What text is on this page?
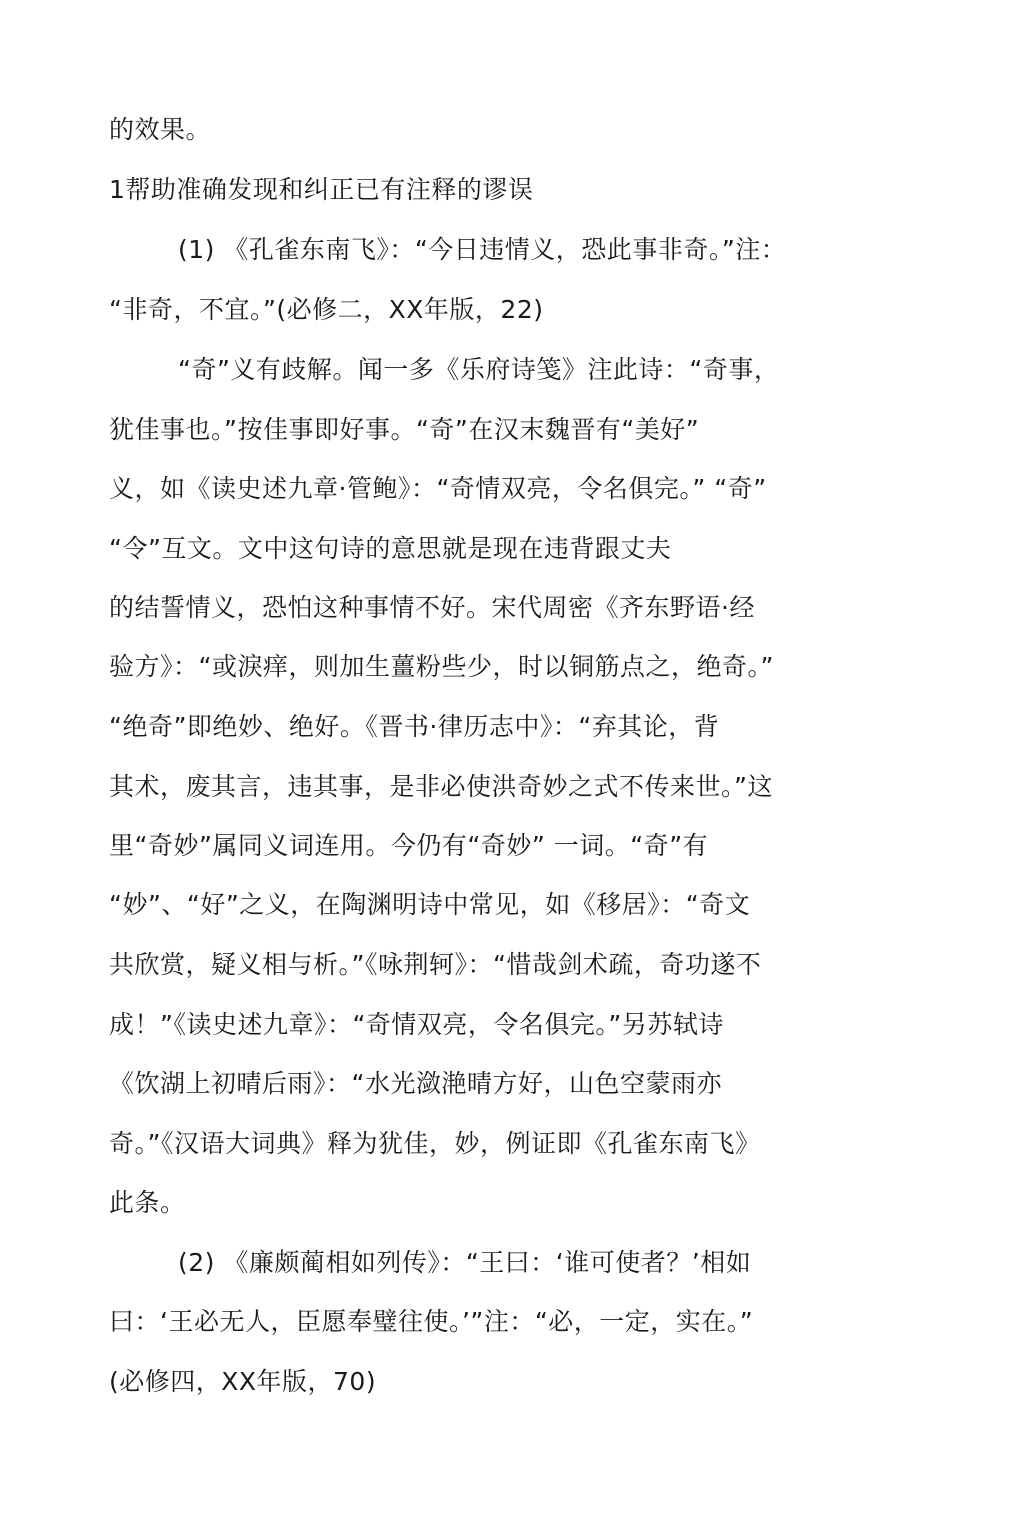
的效果。
1帮助准确发现和纠正已有注释的谬误
(1) 《孔雀东南飞》：“今日违情义，恐此事非奇。”注：
“非奇，不宜。”(必修二，XX年版，22)
“奇”义有歧解。闻一多《乐府诗笺》注此诗：“奇事，
犹佳事也。”按佳事即好事。“奇”在汉末魏晋有“美好”
义，如《读史述九章·管鲍》：“奇情双亮，令名俱完。” “奇”
“令”互文。文中这句诗的意思就是现在违背跟丈夫
的结誓情义，恐怕这种事情不好。宋代周密《齐东野语·经
验方》：“或淚痒，则加生薑粉些少，时以铜筋点之，绝奇。”
“绝奇”即绝妙、绝好。《晋书·律历志中》：“弃其论，背
其术，废其言，违其事，是非必使洪奇妙之式不传来世。”这
里“奇妙”属同义词连用。今仍有“奇妙” 一词。“奇”有
“妙”、“好”之义，在陶渊明诗中常见，如《移居》：“奇文
共欣赏，疑义相与析。”《咏荆轲》：“惜哉剑术疏，奇功遂不
成！”《读史述九章》：“奇情双亮，令名俱完。”另苏轼诗
《饮湖上初晴后雨》：“水光潋滟晴方好，山色空蒙雨亦
奇。”《汉语大词典》释为犹佳，妙，例证即《孔雀东南飞》
此条。
(2) 《廉颇蔺相如列传》：“王曰：‘谁可使者？’相如
曰：‘王必无人，臣愿奉璧往使。’”注：“必，一定，实在。”
(必修四，XX年版，70)
